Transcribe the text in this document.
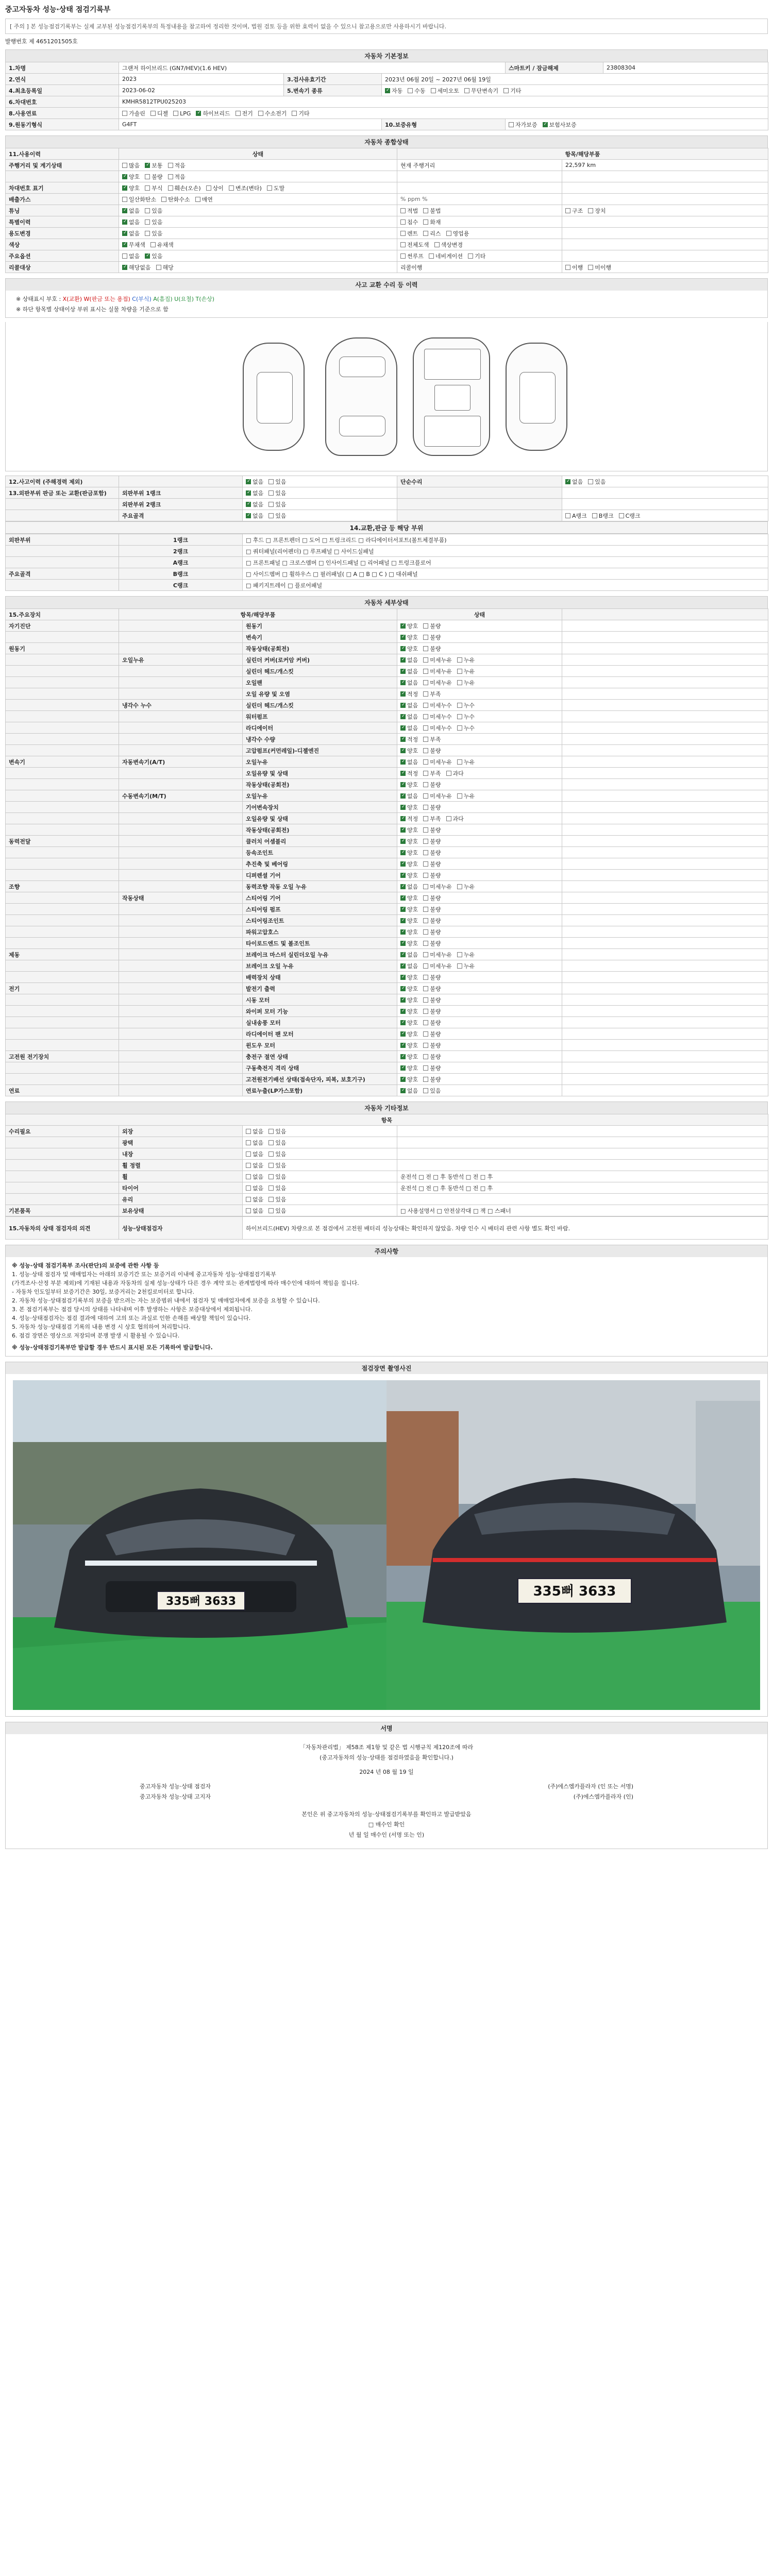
중고자동차 성능·상태 점검기록부
[ 주의 ] 본 성능점검기록부는 실제 교부된 성능점검기록부의 특정내용을 참고하여 정리한 것이며, 법원 검토 등을 위한 효력이 없을 수 있으니 참고용으로만 사용하시기 바랍니다.
발행번호 제 4651201505호
자동차 기본정보
1.차명	그랜저 하이브리드 (GN7/HEV)(1.6 HEV)			스마트키 / 잠금해제	23808304
2.연식	2023	3.검사유효기간	2023년 06월 20일 ~ 2027년 06월 19일		
4.최초등록일	2023-06-02	5.변속기 종류	✓자동 수동 세미오토 무단변속기 기타
6.차대번호	KMHR5812TPU025203				
8.사용연료	가솔린 디젤 LPG ✓ 하이브리드 전기 수소전기 기타
9.원동기형식	G4FT		10.보증유형	자가보증 ✓ 보험사보증
자동차 종합상태
11.사용이력	상태	항목/해당부품	
주행거리 및 계기상태	많음 ✓ 보통 적음	현재 주행거리	22,597 km
	✓양호 불량 적음		
차대번호 표기	✓양호 부식 훼손(오손) 상이 변조(변타) 도말		
배출가스	일산화탄소 탄화수소 매연	% ppm %	
튜닝	✓없음 있음	적법 불법	구조 장치
특별이력	✓없음 있음	침수 화재	
용도변경	✓없음 있음	렌트 리스 영업용	
색상	✓무채색 유채색	전체도색 색상변경	
주요옵션	없음 ✓ 있음	썬루프 네비게이션 기타	
리콜대상	✓해당없음 해당	리콜이행	이행 미이행
사고 교환 수리 등 이력
※ 상태표시 부호 : X(교환) W(판금 또는 용접) C(부식) A(흠집) U(요철) T(손상)
※ 하단 항목별 상태이상 부위 표시는 실물 차량을 기준으로 함
12.사고이력 (주해경력 제외)		✓없음 있음	단순수리	✓없음 있음
13.외판부위 판금 또는 교환(판금포함)	외판부위 1랭크	✓없음 있음		
	외판부위 2랭크	✓없음 있음		
	주요골격	✓없음 있음		A랭크 B랭크 C랭크
14.교환,판금 등 해당 부위
외판부위	1랭크	□ 후드 □ 프론트펜더 □ 도어 □ 트렁크리드 □ 라디에이터서포트(볼트체결부품)
	2랭크	□ 쿼터패널(리어펜더) □ 루프패널 □ 사이드실패널
	A랭크	□ 프론트패널 □ 크로스멤버 □ 인사이드패널 □ 리어패널 □ 트렁크플로어
주요골격	B랭크	□ 사이드멤버 □ 휠하우스 □ 필러패널( □ A □ B □ C ) □ 대쉬패널
	C랭크	□ 패키지트레이 □ 플로어패널
자동차 세부상태
15.주요장치	항목/해당부품		상태	
자기진단		원동기	✓양호 불량	
		변속기	✓양호 불량	
원동기		작동상태(공회전)	✓양호 불량	
	오일누유	실린더 커버(로커암 커버)	✓없음 미세누유 누유	
		실린더 헤드/개스킷	✓없음 미세누유 누유	
		오일팬	✓없음 미세누유 누유	
		오일 유량 및 오염	✓적정 부족	
	냉각수 누수	실린더 헤드/개스킷	✓없음 미세누수 누수	
		워터펌프	✓없음 미세누수 누수	
		라디에이터	✓없음 미세누수 누수	
		냉각수 수량	✓적정 부족	
		고압펌프(커먼레일)-디젤엔진	✓양호 불량	
변속기	자동변속기(A/T)	오일누유	✓없음 미세누유 누유	
		오일유량 및 상태	✓적정 부족 과다	
		작동상태(공회전)	✓양호 불량	
	수동변속기(M/T)	오일누유	✓없음 미세누유 누유	
		기어변속장치	✓양호 불량	
		오일유량 및 상태	✓적정 부족 과다	
		작동상태(공회전)	✓양호 불량	
동력전달		클러치 어셈블리	✓양호 불량	
		등속조인트	✓양호 불량	
		추진축 및 베어링	✓양호 불량	
		디퍼렌셜 기어	✓양호 불량	
조향		동력조향 작동 오일 누유	✓없음 미세누유 누유	
	작동상태	스티어링 기어	✓양호 불량	
		스티어링 펌프	✓양호 불량	
		스티어링조인트	✓양호 불량	
		파워고압호스	✓양호 불량	
		타이로드엔드 및 볼조인트	✓양호 불량	
제동		브레이크 마스터 실린더오일 누유	✓없음 미세누유 누유	
		브레이크 오일 누유	✓없음 미세누유 누유	
		배력장치 상태	✓양호 불량	
전기		발전기 출력	✓양호 불량	
		시동 모터	✓양호 불량	
		와이퍼 모터 기능	✓양호 불량	
		실내송풍 모터	✓양호 불량	
		라디에이터 팬 모터	✓양호 불량	
		윈도우 모터	✓양호 불량	
고전원 전기장치		충전구 절연 상태	✓양호 불량	
		구동축전지 격리 상태	✓양호 불량	
		고전원전기배선 상태(접속단자, 피복, 보호기구)	✓양호 불량	
연료		연료누출(LP가스포함)	✓없음 있음	
자동차 기타정보
항목			
수리필요	외장	없음 있음	
	광택	없음 있음	
	내장	없음 있음	
	휠 정렬	없음 있음	
	휠	없음 있음	운전석 □ 전 □ 후 동반석 □ 전 □ 후
	타이어	없음 있음	운전석 □ 전 □ 후 동반석 □ 전 □ 후
	유리	없음 있음	
기본품목	보유상태	없음 있음	□ 사용설명서 □ 안전삼각대 □ 잭 □ 스패너
15.자동차의 상태 점검자의 의견	성능·상태점검자	하이브리드(HEV) 차량으로 본 점검에서 고전원 배터리 성능상태는 확인하지 않았음. 차량 인수 시 배터리 관련 사항 별도 확인 바람.
주의사항
※ 성능·상태 점검기록부 조사(판단)의 보증에 관한 사항 등
1. 성능·상태 점검자 및 매매업자는 아래의 보증기간 또는 보증거리 이내에 중고자동차 성능·상태점검기록부
(가격조사·산정 부분 제외)에 기재된 내용과 자동차의 실제 성능·상태가 다른 경우 계약 또는 관계법령에 따라 매수인에 대하여 책임을 집니다.
- 자동차 인도일부터 보증기간은 30일, 보증거리는 2천킬로미터로 합니다.
2. 자동차 성능·상태점검기록부의 보증을 받으려는 자는 보증범위 내에서 점검자 및 매매업자에게 보증을 요청할 수 있습니다.
3. 본 점검기록부는 점검 당시의 상태를 나타내며 이후 발생하는 사항은 보증대상에서 제외됩니다.
4. 성능·상태점검자는 점검 결과에 대하여 고의 또는 과실로 인한 손해를 배상할 책임이 있습니다.
5. 자동차 성능·상태점검 기록의 내용 변경 시 상호 협의하여 처리합니다.
6. 점검 장면은 영상으로 저장되며 분쟁 발생 시 활용될 수 있습니다.
※ 성능·상태점검기록부만 발급할 경우 반드시 표시된 모든 기록하여 발급합니다.
점검장면 촬영사진
335뻐 3633
335뻐 3633
서명
「자동차관리법」 제58조 제1항 및 같은 법 시행규칙 제120조에 따라
(중고자동차의 성능·상태를 점검하였음을 확인합니다.)
2024 년 08 월 19 일
중고자동차 성능·상태 점검자	(주)에스엠카플라자 (인 또는 서명)
중고자동차 성능·상태 고지자	(주)에스엠카플라자 (인)
본인은 위 중고자동차의 성능·상태점검기록부를 확인하고 발급받았음
□ 매수인 확인
년 월 일 매수인 (서명 또는 인)
